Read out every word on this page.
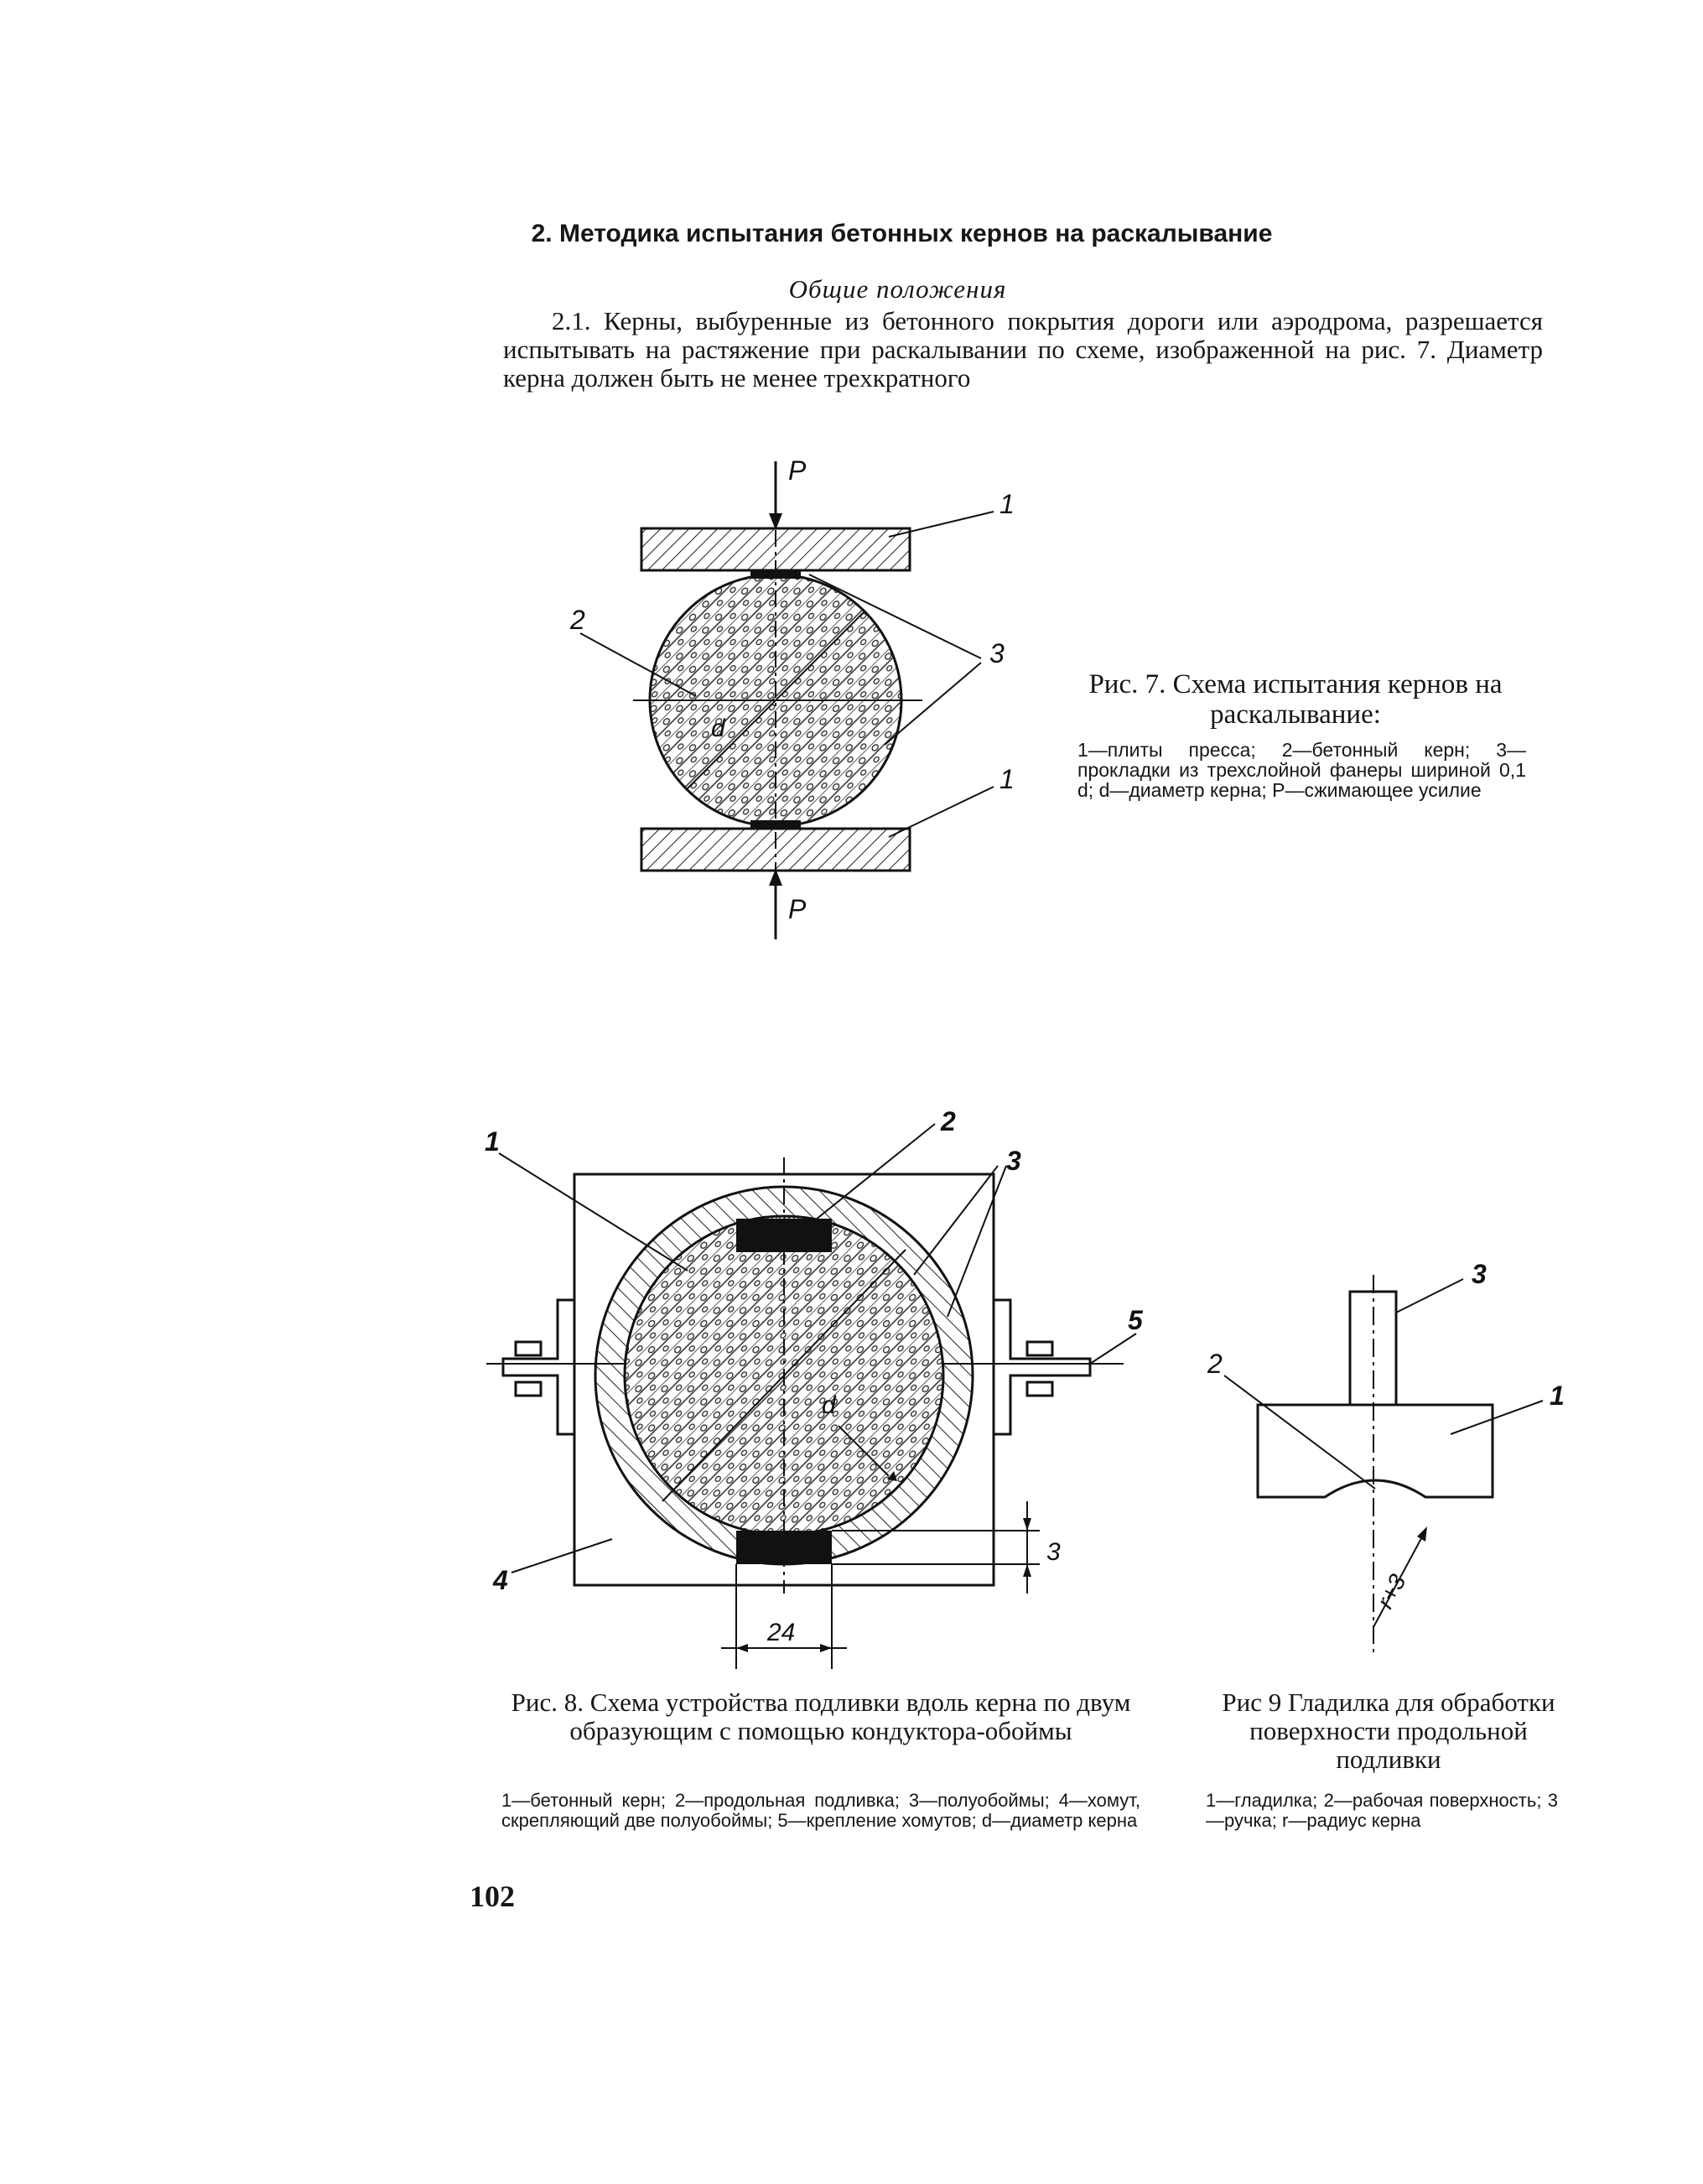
2. Методика испытания бетонных кернов на раскалывание
Общие положения
2.1. Керны, выбуренные из бетонного покрытия дороги или аэродрома, разрешается испытывать на растяжение при раскалывании по схеме, изображенной на рис. 7. Диаметр керна должен быть не менее трехкратного
P
P
1
1
2
3
d
Рис. 7. Схема испытания кернов на раскалывание:
1—плиты пресса; 2—бетонный керн; 3—прокладки из трехслойной фанеры шириной 0,1 d; d—диаметр керна; P—сжимающее усилие
1
2
3
4
5
d
3
24
Рис. 8. Схема устройства подливки вдоль керна по двум образующим с помощью кондуктора-обоймы
1—бетонный керн; 2—продольная подливка; 3—полуобоймы; 4—хомут, скрепляющий две полуобоймы; 5—крепление хомутов; d—диаметр керна
3
2
1
r+3
Рис 9 Гладилка для обработки поверхности продольной подливки
1—гладилка; 2—рабочая поверхность; 3—ручка; r—радиус керна
102
